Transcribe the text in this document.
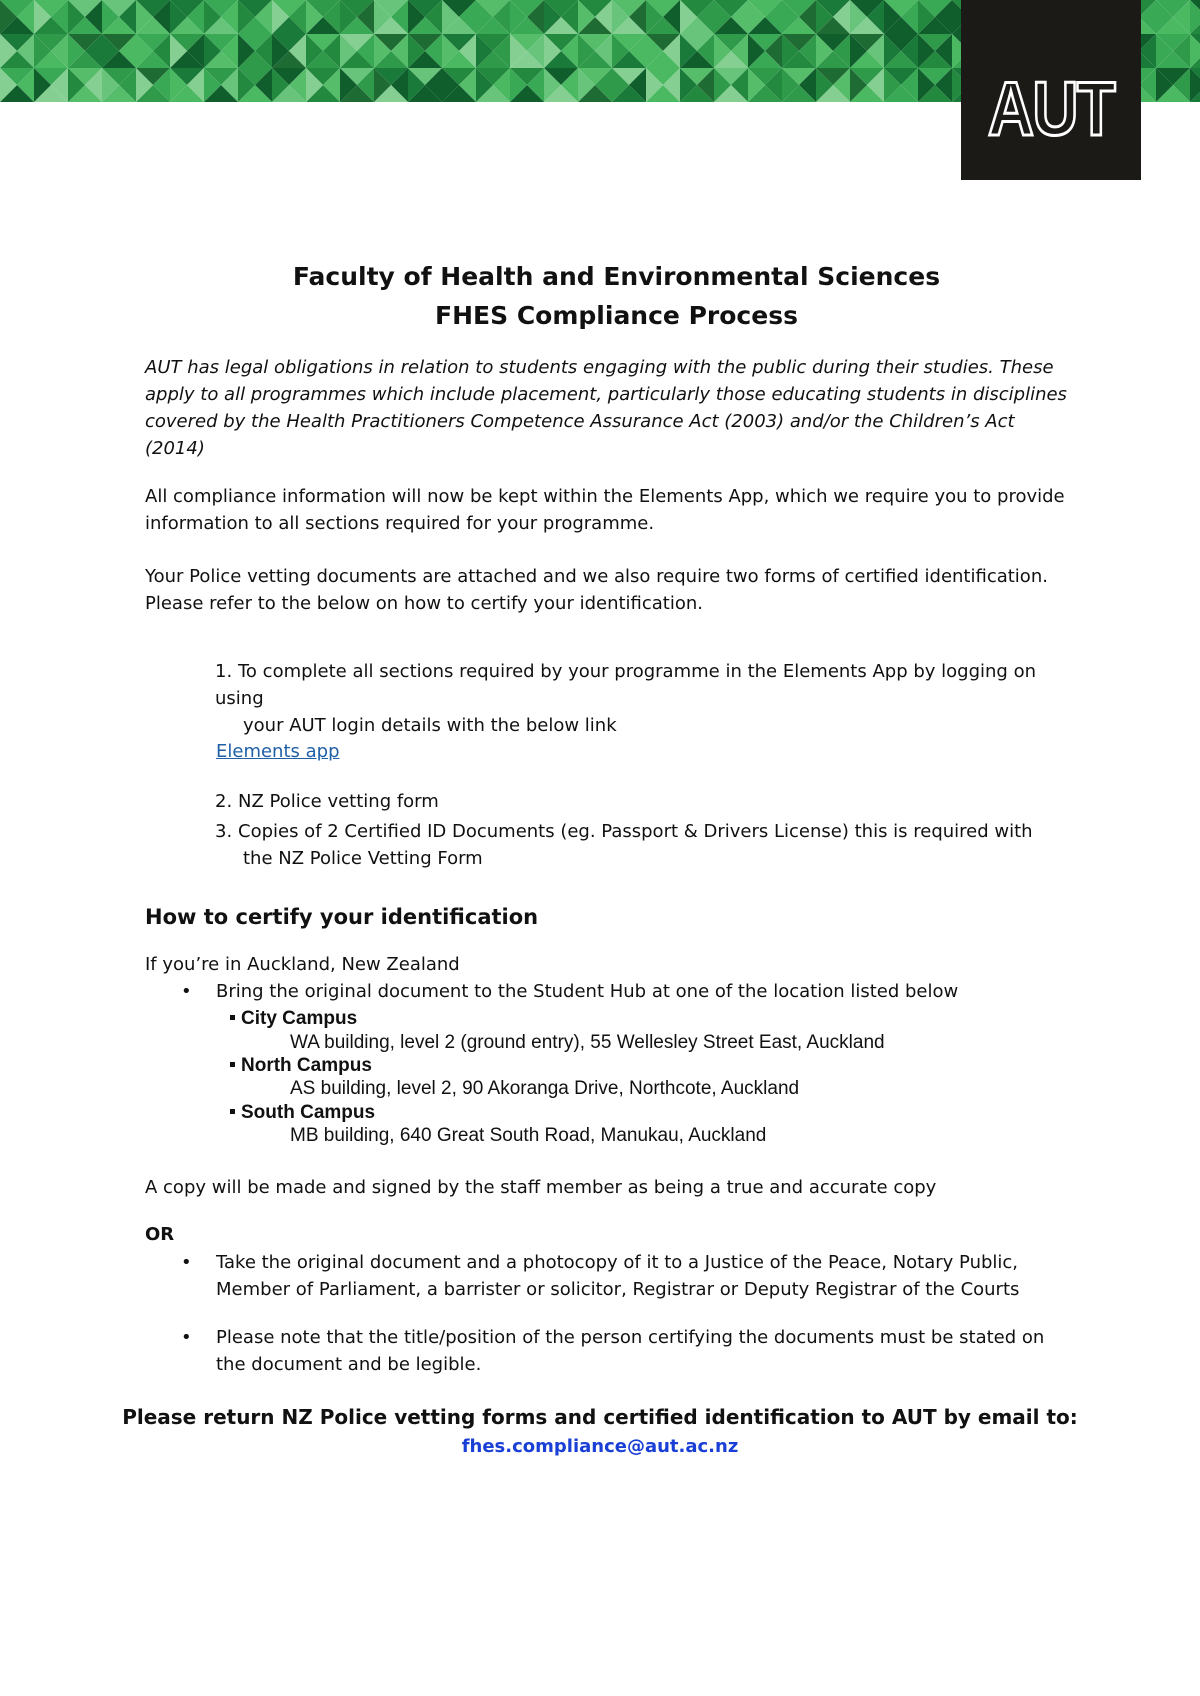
AUT
Faculty of Health and Environmental Sciences
FHES Compliance Process

AUT has legal obligations in relation to students engaging with the public during their studies. These apply to all programmes which include placement, particularly those educating students in disciplines covered by the Health Practitioners Competence Assurance Act (2003) and/or the Children’s Act (2014)

All compliance information will now be kept within the Elements App, which we require you to provide information to all sections required for your programme.

Your Police vetting documents are attached and we also require two forms of certified identification. Please refer to the below on how to certify your identification.

1. To complete all sections required by your programme in the Elements App by logging on using
your AUT login details with the below link
Elements app
2. NZ Police vetting form
3. Copies of 2 Certified ID Documents (eg. Passport & Drivers License) this is required with
the NZ Police Vetting Form
How to certify your identification
If you’re in Auckland, New Zealand
• Bring the original document to the Student Hub at one of the location listed below
City Campus
WA building, level 2 (ground entry), 55 Wellesley Street East, Auckland
North Campus
AS building, level 2, 90 Akoranga Drive, Northcote, Auckland
South Campus
MB building, 640 Great South Road, Manukau, Auckland
A copy will be made and signed by the staff member as being a true and accurate copy
OR
• Take the original document and a photocopy of it to a Justice of the Peace, Notary Public, Member of Parliament, a barrister or solicitor, Registrar or Deputy Registrar of the Courts
• Please note that the title/position of the person certifying the documents must be stated on the document and be legible.
Please return NZ Police vetting forms and certified identification to AUT by email to:
fhes.compliance@aut.ac.nz
